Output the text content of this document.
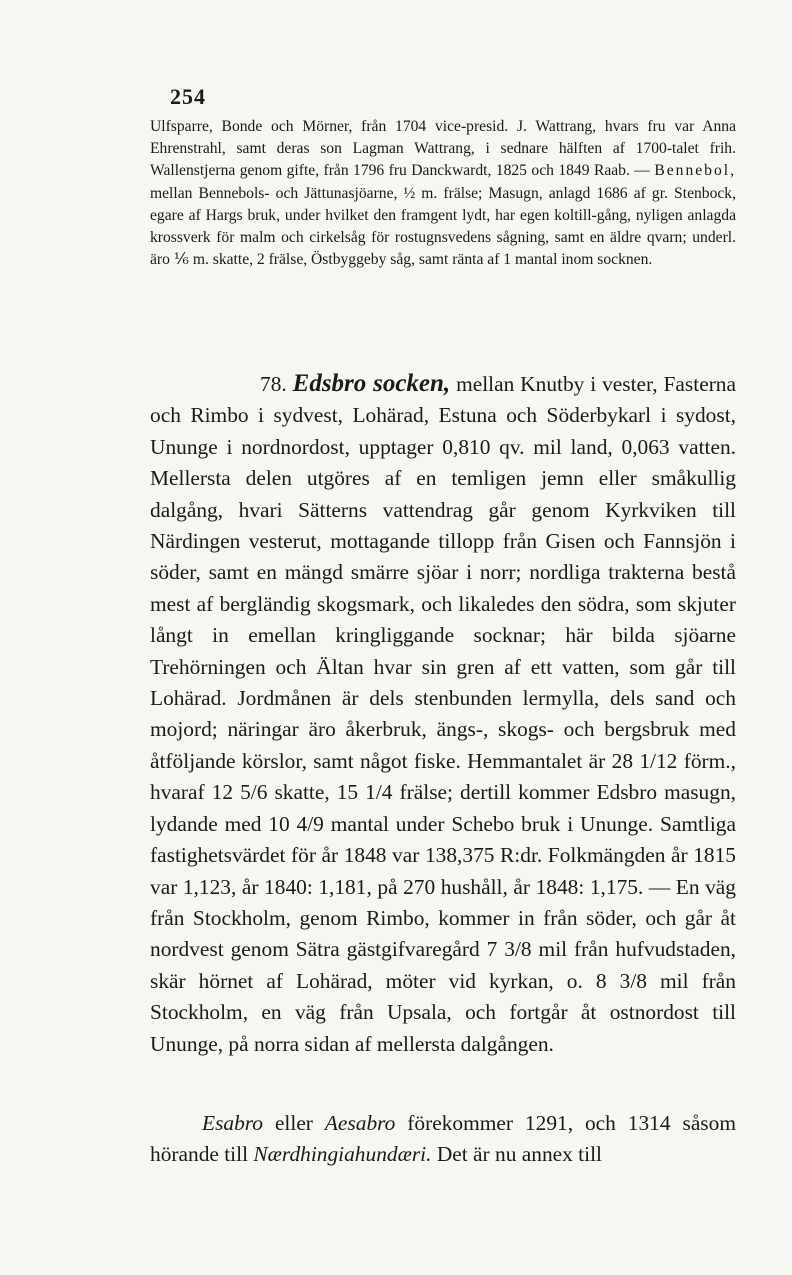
254

Ulfsparre, Bonde och Mörner, från 1704 vice-presid. J. Wattrang, hvars fru var Anna Ehrenstrahl, samt deras son Lagman Wattrang, i sednare hälften af 1700-talet frih. Wallenstjerna genom gifte, från 1796 fru Danckwardt, 1825 och 1849 Raab. — Bennebol, mellan Bennebols- och Jättunasjöarne, ½ m. frälse; Masugn, anlagd 1686 af gr. Stenbock, egare af Hargs bruk, under hvilket den framgent lydt, har egen koltill-gång, nyligen anlagda krossverk för malm och cirkelsåg för rostugnsvedens sågning, samt en äldre qvarn; underl. äro ⅙ m. skatte, 2 frälse, Östbyggeby såg, samt ränta af 1 mantal inom socknen.

78. Edsbro socken, mellan Knutby i vester, Fasterna och Rimbo i sydvest, Lohärad, Estuna och Söderbykarl i sydost, Ununge i nordnordost, upptager 0,810 qv. mil land, 0,063 vatten. Mellersta delen utgöres af en temligen jemn eller småkullig dalgång, hvari Sätterns vattendrag går genom Kyrkviken till Närdingen vesterut, mottagande tillopp från Gisen och Fannsjön i söder, samt en mängd smärre sjöar i norr; nordliga trakterna bestå mest af bergländig skogsmark, och likaledes den södra, som skjuter långt in emellan kringliggande socknar; här bilda sjöarne Trehörningen och Ältan hvar sin gren af ett vatten, som går till Lohärad. Jordmånen är dels stenbunden lermylla, dels sand och mojord; näringar äro åkerbruk, ängs-, skogs- och bergsbruk med åtföljande körslor, samt något fiske. Hemmantalet är 28 1/12 förm., hvaraf 12 5/6 skatte, 15 1/4 frälse; dertill kommer Edsbro masugn, lydande med 10 4/9 mantal under Schebo bruk i Ununge. Samtliga fastighetsvärdet för år 1848 var 138,375 R:dr. Folkmängden år 1815 var 1,123, år 1840: 1,181, på 270 hushåll, år 1848: 1,175. — En väg från Stockholm, genom Rimbo, kommer in från söder, och går åt nordvest genom Sätra gästgifvaregård 7 3/8 mil från hufvudstaden, skär hörnet af Lohärad, möter vid kyrkan, o. 8 3/8 mil från Stockholm, en väg från Upsala, och fortgår åt ostnordost till Ununge, på norra sidan af mellersta dalgången.

Esabro eller Aesabro förekommer 1291, och 1314 såsom hörande till Nærdhingiahundæri. Det är nu annex till
